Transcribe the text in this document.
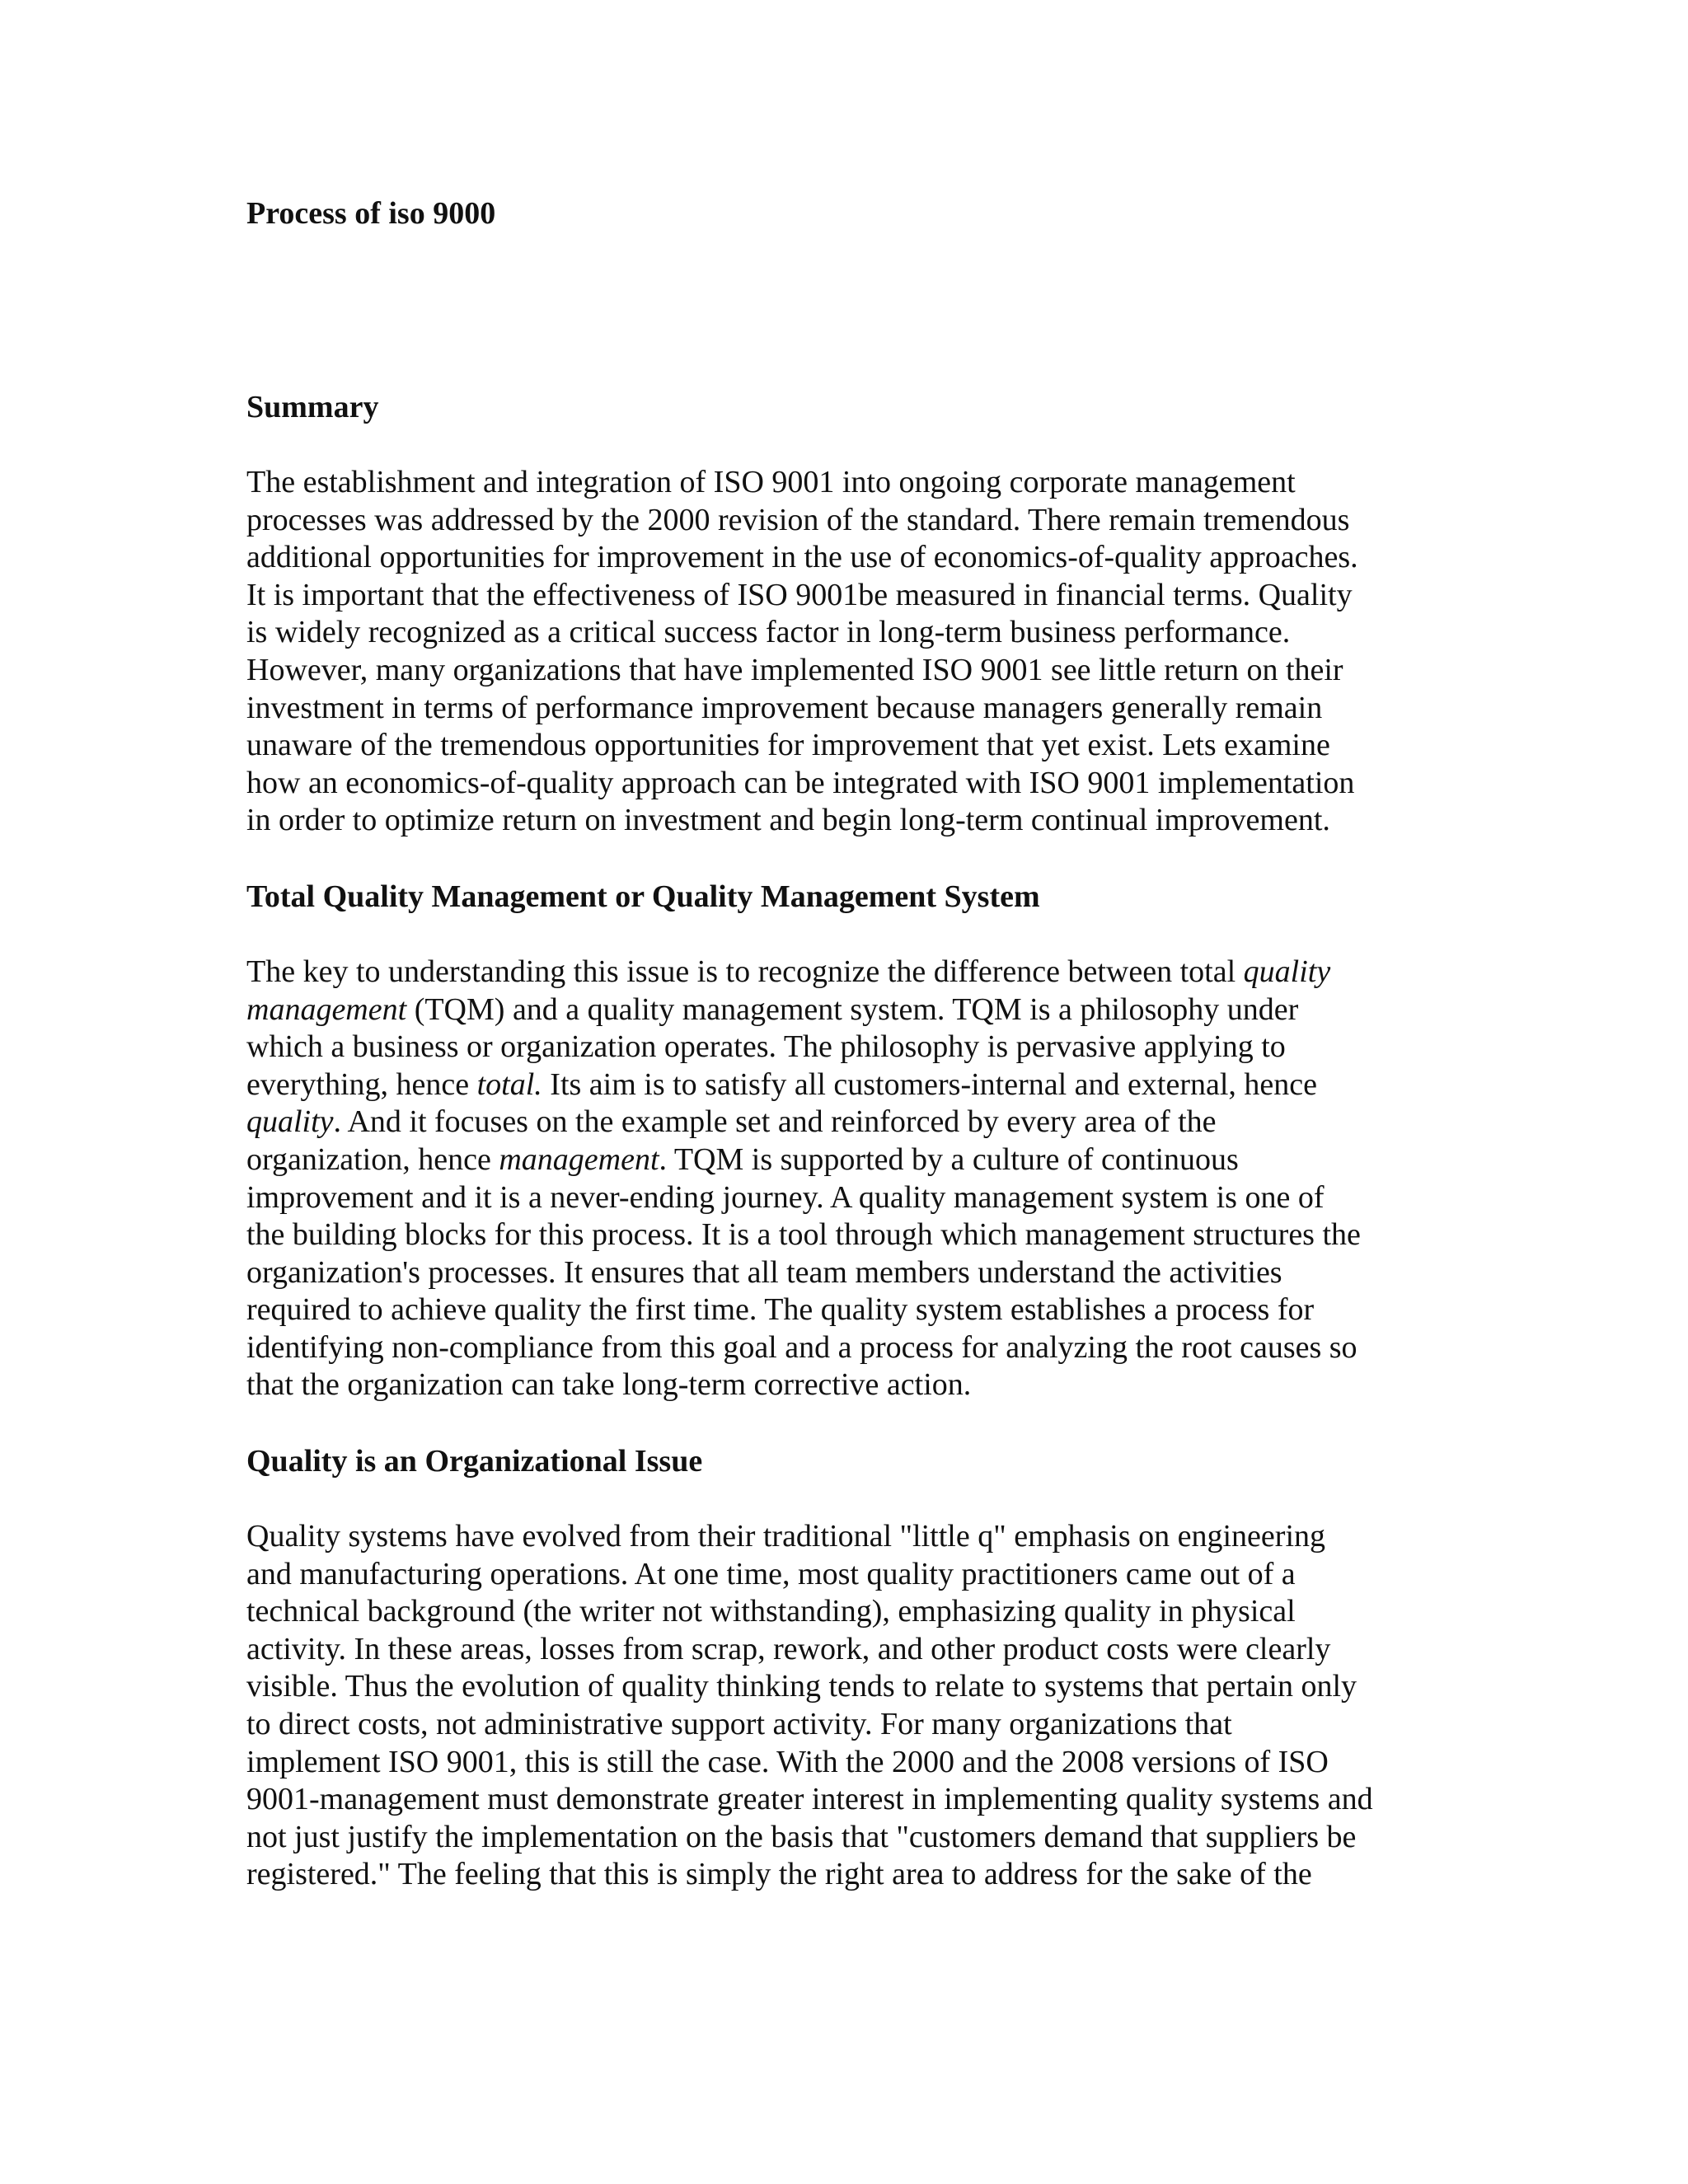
Process of iso 9000
Summary

The establishment and integration of ISO 9001 into ongoing corporate management
processes was addressed by the 2000 revision of the standard. There remain tremendous
additional opportunities for improvement in the use of economics-of-quality approaches.
It is important that the effectiveness of ISO 9001be measured in financial terms. Quality
is widely recognized as a critical success factor in long-term business performance.
However, many organizations that have implemented ISO 9001 see little return on their
investment in terms of performance improvement because managers generally remain
unaware of the tremendous opportunities for improvement that yet exist. Lets examine
how an economics-of-quality approach can be integrated with ISO 9001 implementation
in order to optimize return on investment and begin long-term continual improvement.

Total Quality Management or Quality Management System

The key to understanding this issue is to recognize the difference between total quality
management (TQM) and a quality management system. TQM is a philosophy under
which a business or organization operates. The philosophy is pervasive applying to
everything, hence total. Its aim is to satisfy all customers-internal and external, hence
quality. And it focuses on the example set and reinforced by every area of the
organization, hence management. TQM is supported by a culture of continuous
improvement and it is a never-ending journey. A quality management system is one of
the building blocks for this process. It is a tool through which management structures the
organization's processes. It ensures that all team members understand the activities
required to achieve quality the first time. The quality system establishes a process for
identifying non-compliance from this goal and a process for analyzing the root causes so
that the organization can take long-term corrective action.

Quality is an Organizational Issue

Quality systems have evolved from their traditional "little q" emphasis on engineering
and manufacturing operations. At one time, most quality practitioners came out of a
technical background (the writer not withstanding), emphasizing quality in physical
activity. In these areas, losses from scrap, rework, and other product costs were clearly
visible. Thus the evolution of quality thinking tends to relate to systems that pertain only
to direct costs, not administrative support activity. For many organizations that
implement ISO 9001, this is still the case. With the 2000 and the 2008 versions of ISO
9001-management must demonstrate greater interest in implementing quality systems and
not just justify the implementation on the basis that "customers demand that suppliers be
registered." The feeling that this is simply the right area to address for the sake of the
